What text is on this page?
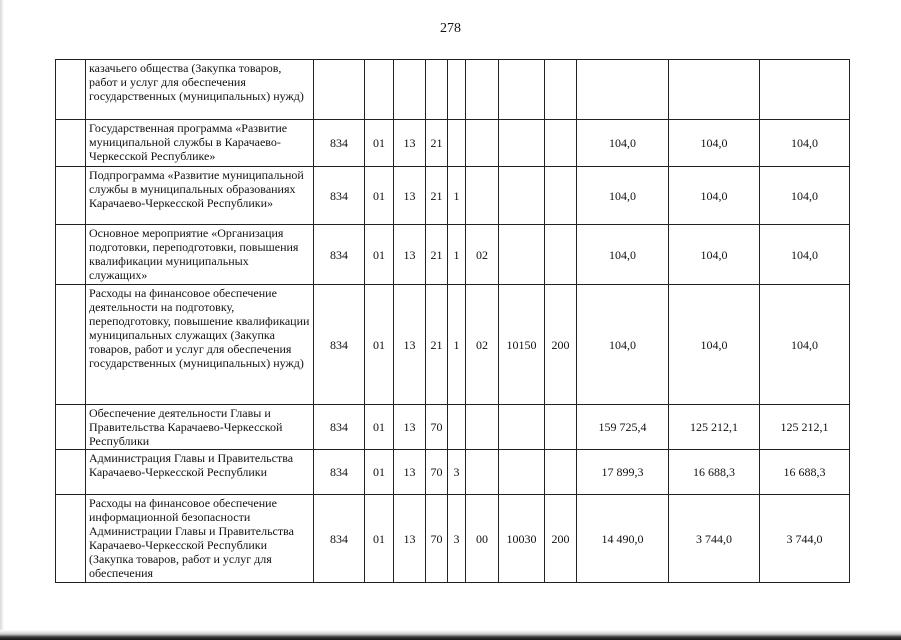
278
	казачьего общества (Закупка товаров, работ и услуг для обеспечения государственных (муниципальных) нужд)											
	Государственная программа «Развитие муниципальной службы в Карачаево-Черкесской Республике»	834	01	13	21					104,0	104,0	104,0
	Подпрограмма «Развитие муниципальной службы в муниципальных образованиях Карачаево-Черкесской Республики»	834	01	13	21	1				104,0	104,0	104,0
	Основное мероприятие «Организация подготовки, переподготовки, повышения квалификации муниципальных служащих»	834	01	13	21	1	02			104,0	104,0	104,0
	Расходы на финансовое обеспечение деятельности на подготовку, переподготовку, повышение квалификации муниципальных служащих (Закупка товаров, работ и услуг для обеспечения государственных (муниципальных) нужд)	834	01	13	21	1	02	10150	200	104,0	104,0	104,0
	Обеспечение деятельности Главы и Правительства Карачаево-Черкесской Республики	834	01	13	70					159 725,4	125 212,1	125 212,1
	Администрация Главы и Правительства Карачаево-Черкесской Республики	834	01	13	70	3				17 899,3	16 688,3	16 688,3
	Расходы на финансовое обеспечение информационной безопасности Администрации Главы и Правительства Карачаево-Черкесской Республики (Закупка товаров, работ и услуг для обеспечения	834	01	13	70	3	00	10030	200	14 490,0	3 744,0	3 744,0
